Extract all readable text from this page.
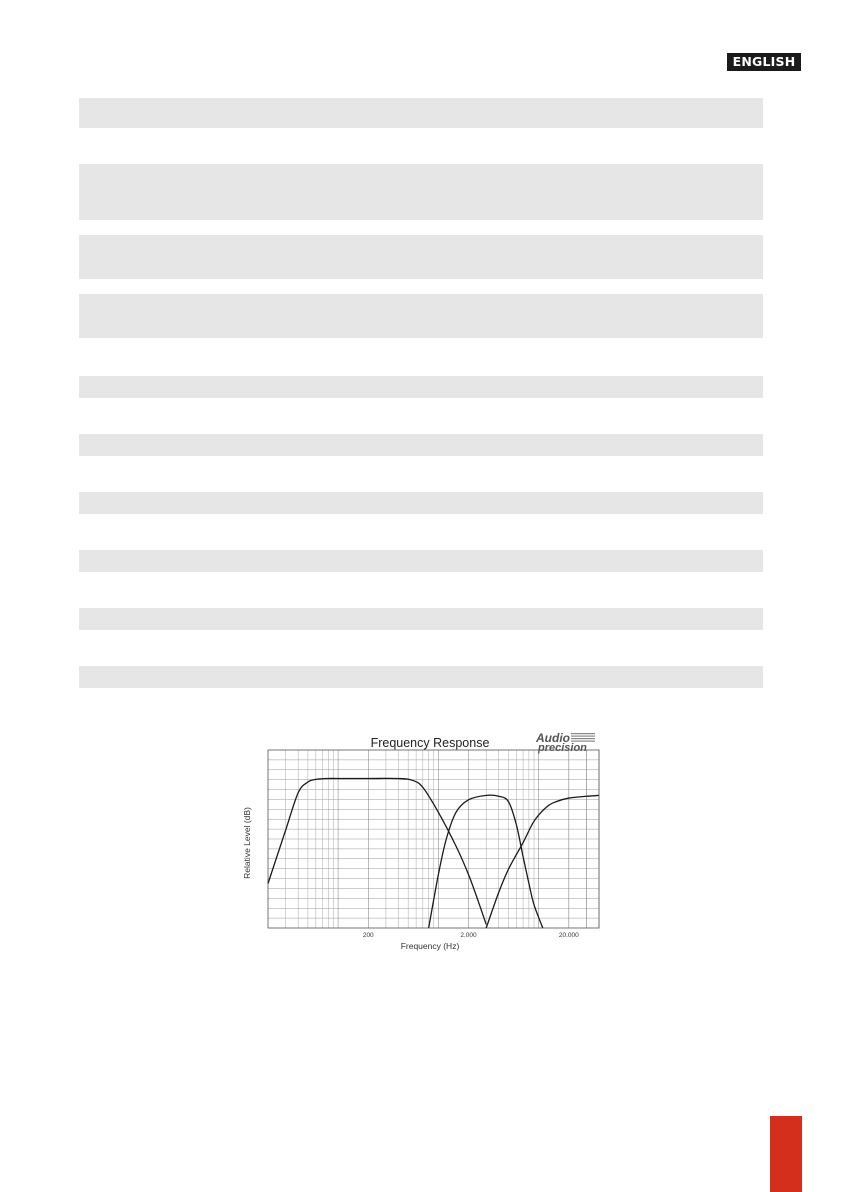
ENGLISH
Frequency Response	Audio
precision
200	2.000	20.000
Frequency (Hz)
Relative Level (dB)
